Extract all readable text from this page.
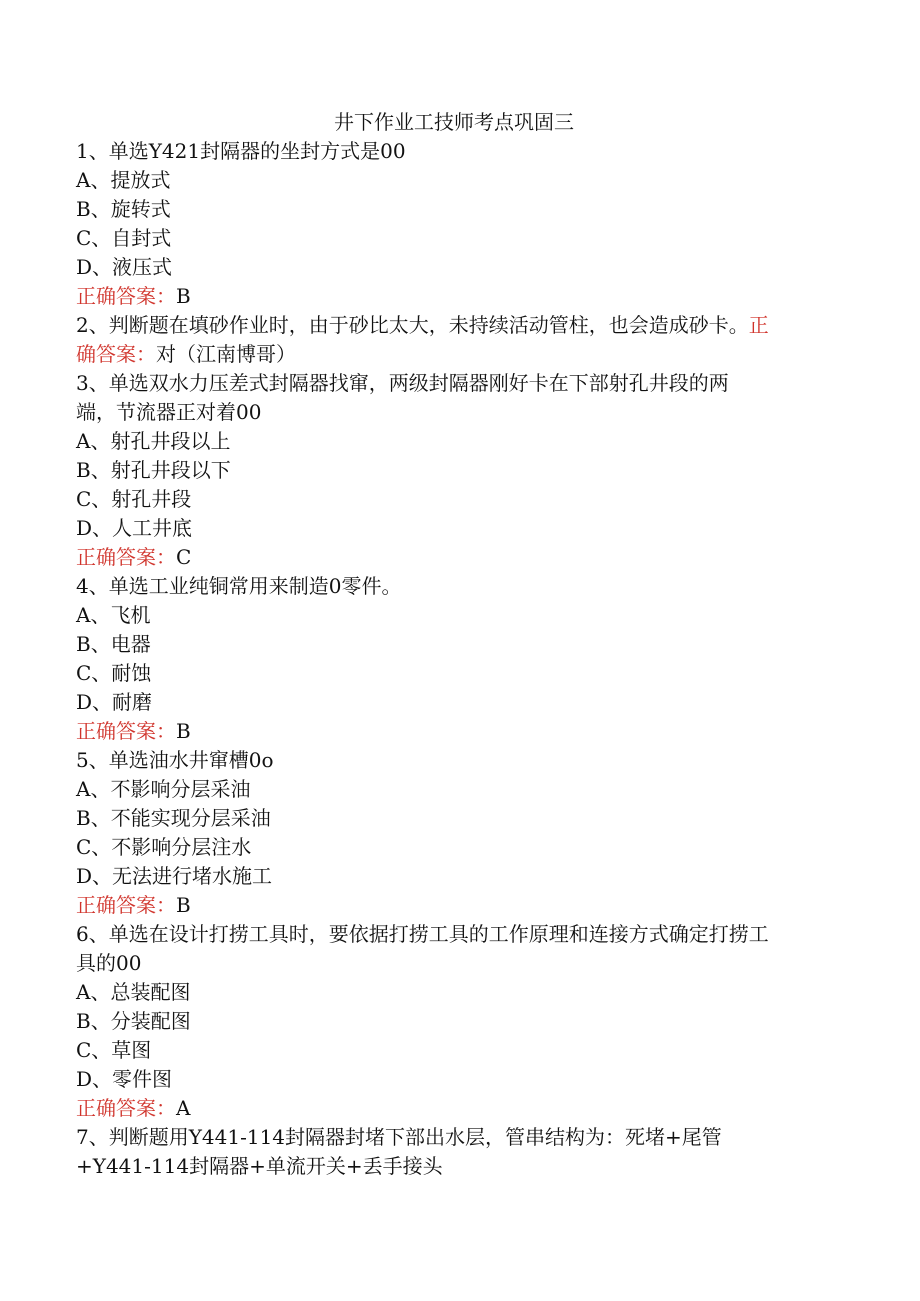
井下作业工技师考点巩固三
1、单选Y421封隔器的坐封方式是00
A、提放式
B、旋转式
C、自封式
D、液压式
正确答案：B
2、判断题在填砂作业时，由于砂比太大，未持续活动管柱，也会造成砂卡。正
确答案：对（江南博哥）
3、单选双水力压差式封隔器找窜，两级封隔器刚好卡在下部射孔井段的两
端，节流器正对着00
A、射孔井段以上
B、射孔井段以下
C、射孔井段
D、人工井底
正确答案：C
4、单选工业纯铜常用来制造0零件。
A、飞机
B、电器
C、耐蚀
D、耐磨
正确答案：B
5、单选油水井窜槽0o
A、不影响分层采油
B、不能实现分层采油
C、不影响分层注水
D、无法进行堵水施工
正确答案：B
6、单选在设计打捞工具时，要依据打捞工具的工作原理和连接方式确定打捞工
具的00
A、总装配图
B、分装配图
C、草图
D、零件图
正确答案：A
7、判断题用Y441-114封隔器封堵下部出水层，管串结构为：死堵+尾管
+Y441-114封隔器+单流开关+丢手接头
